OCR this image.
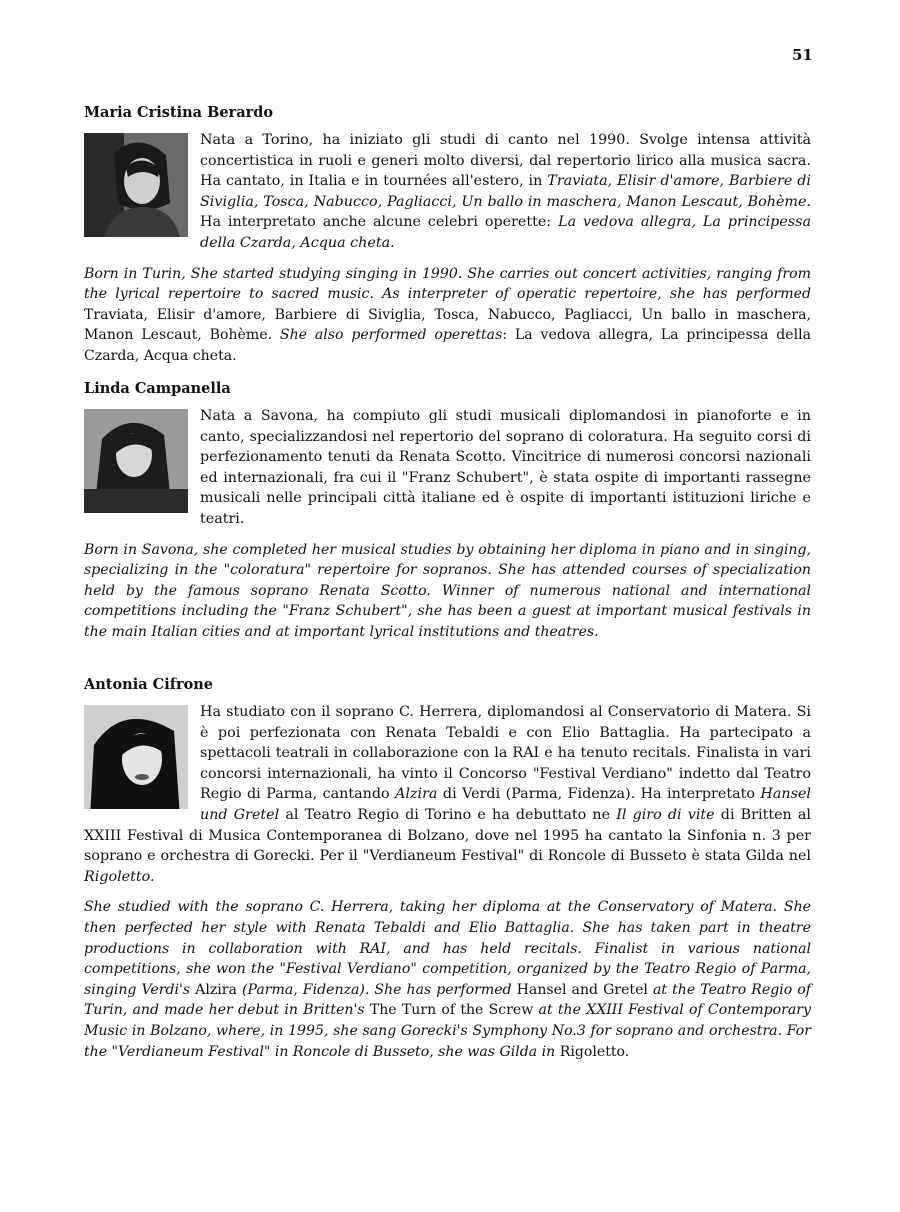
51
Maria Cristina Berardo

Nata a Torino, ha iniziato gli studi di canto nel 1990. Svolge intensa attività concertistica in ruoli e generi molto diversi, dal repertorio lirico alla musica sacra. Ha cantato, in Italia e in tournées all'estero, in Traviata, Elisir d'amore, Barbiere di Siviglia, Tosca, Nabucco, Pagliacci, Un ballo in maschera, Manon Lescaut, Bohème. Ha interpretato anche alcune celebri operette: La vedova allegra, La principessa della Czarda, Acqua cheta.

Born in Turin, She started studying singing in 1990. She carries out concert activities, ranging from the lyrical repertoire to sacred music. As interpreter of operatic repertoire, she has performed Traviata, Elisir d'amore, Barbiere di Siviglia, Tosca, Nabucco, Pagliacci, Un ballo in maschera, Manon Lescaut, Bohème. She also performed operettas: La vedova allegra, La principessa della Czarda, Acqua cheta.

Linda Campanella

Nata a Savona, ha compiuto gli studi musicali diplomandosi in pianoforte e in canto, specializzandosi nel repertorio del soprano di coloratura. Ha seguito corsi di perfezionamento tenuti da Renata Scotto. Vincitrice di numerosi concorsi nazionali ed internazionali, fra cui il "Franz Schubert", è stata ospite di importanti rassegne musicali nelle principali città italiane ed è ospite di importanti istituzioni liriche e teatri.

Born in Savona, she completed her musical studies by obtaining her diploma in piano and in singing, specializing in the "coloratura" repertoire for sopranos. She has attended courses of specialization held by the famous soprano Renata Scotto. Winner of numerous national and international competitions including the "Franz Schubert", she has been a guest at important musical festivals in the main Italian cities and at important lyrical institutions and theatres.

Antonia Cifrone

Ha studiato con il soprano C. Herrera, diplomandosi al Conservatorio di Matera. Si è poi perfezionata con Renata Tebaldi e con Elio Battaglia. Ha partecipato a spettacoli teatrali in collaborazione con la RAI e ha tenuto recitals. Finalista in vari concorsi internazionali, ha vinto il Concorso "Festival Verdiano" indetto dal Teatro Regio di Parma, cantando Alzira di Verdi (Parma, Fidenza). Ha interpretato Hansel und Gretel al Teatro Regio di Torino e ha debuttato ne Il giro di vite di Britten al XXIII Festival di Musica Contemporanea di Bolzano, dove nel 1995 ha cantato la Sinfonia n. 3 per soprano e orchestra di Gorecki. Per il "Verdianeum Festival" di Roncole di Busseto è stata Gilda nel Rigoletto.

She studied with the soprano C. Herrera, taking her diploma at the Conservatory of Matera. She then perfected her style with Renata Tebaldi and Elio Battaglia. She has taken part in theatre productions in collaboration with RAI, and has held recitals. Finalist in various national competitions, she won the "Festival Verdiano" competition, organized by the Teatro Regio of Parma, singing Verdi's Alzira (Parma, Fidenza). She has performed Hansel and Gretel at the Teatro Regio of Turin, and made her debut in Britten's The Turn of the Screw at the XXIII Festival of Contemporary Music in Bolzano, where, in 1995, she sang Gorecki's Symphony No.3 for soprano and orchestra. For the "Verdianeum Festival" in Roncole di Busseto, she was Gilda in Rigoletto.
